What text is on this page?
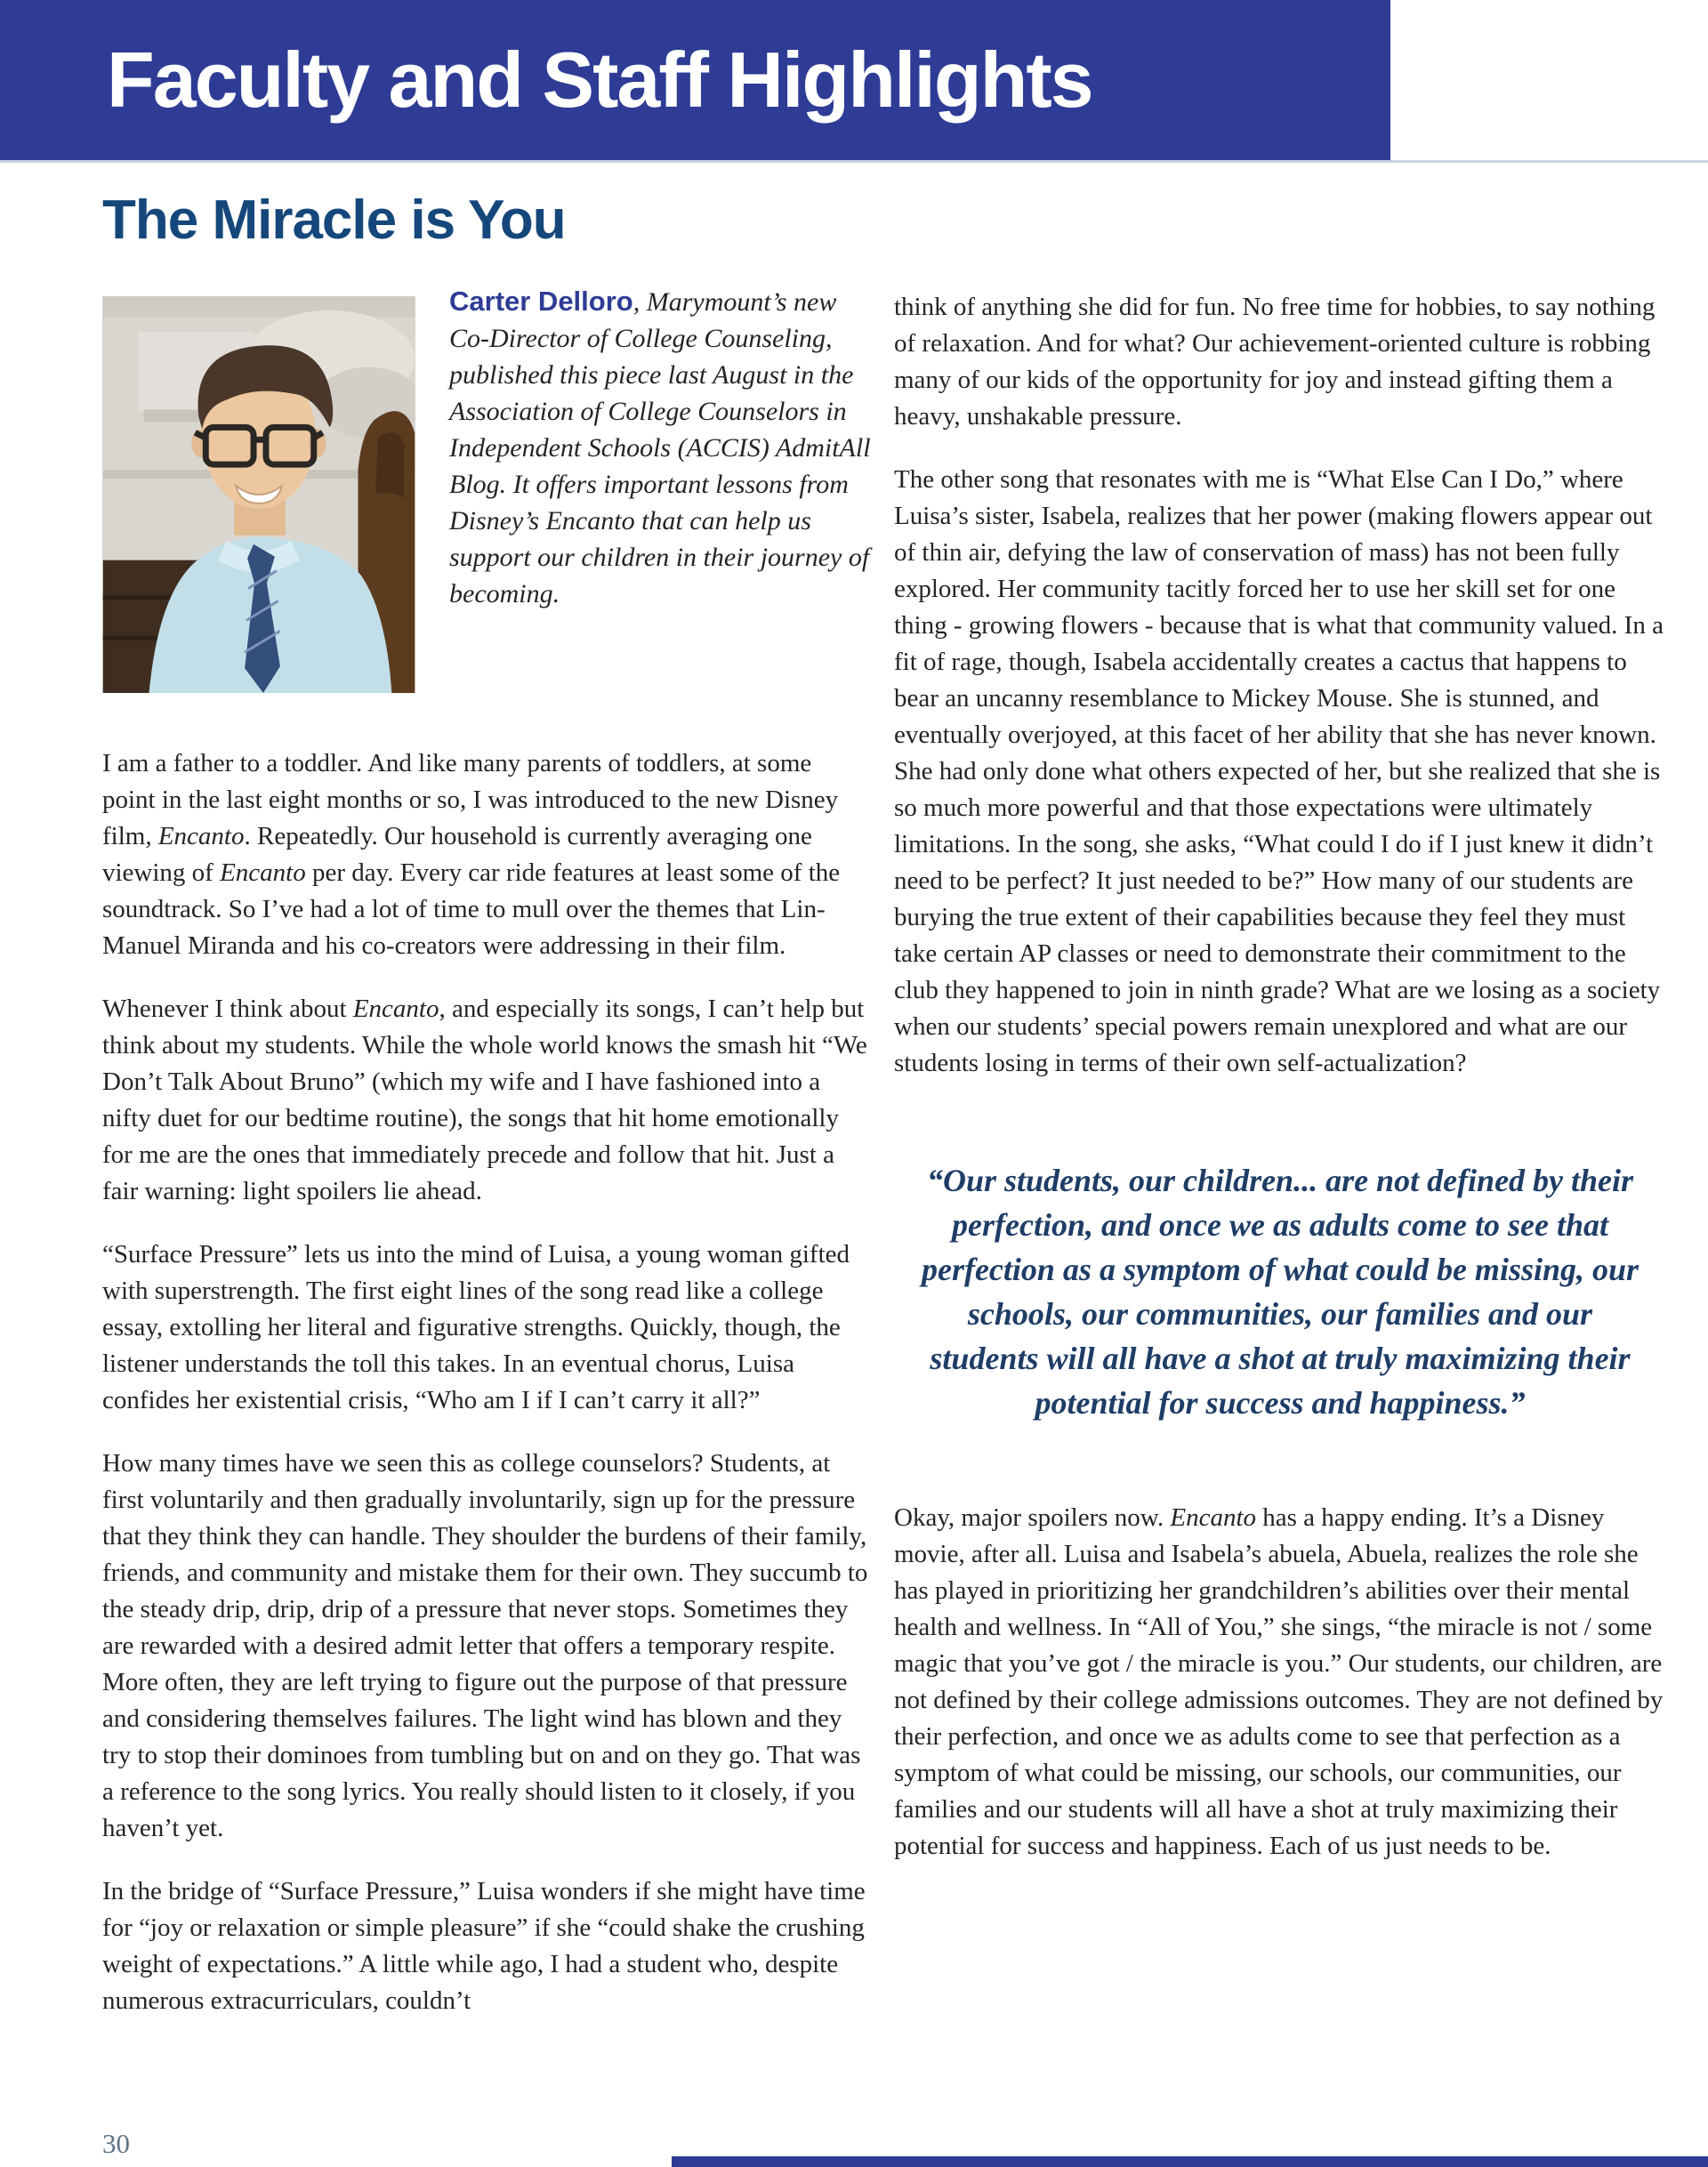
Faculty and Staff Highlights
The Miracle is You

Carter Delloro, Marymount’s new Co-Director of College Counseling, published this piece last August in the Association of College Counselors in Independent Schools (ACCIS) AdmitAll Blog. It offers important lessons from Disney’s Encanto that can help us support our children in their journey of becoming.

I am a father to a toddler. And like many parents of toddlers, at some point in the last eight months or so, I was introduced to the new Disney film, Encanto. Repeatedly. Our household is currently averaging one viewing of Encanto per day. Every car ride features at least some of the soundtrack. So I’ve had a lot of time to mull over the themes that Lin-Manuel Miranda and his co-creators were addressing in their film.

Whenever I think about Encanto, and especially its songs, I can’t help but think about my students. While the whole world knows the smash hit “We Don’t Talk About Bruno” (which my wife and I have fashioned into a nifty duet for our bedtime routine), the songs that hit home emotionally for me are the ones that immediately precede and follow that hit. Just a fair warning: light spoilers lie ahead.

“Surface Pressure” lets us into the mind of Luisa, a young woman gifted with superstrength. The first eight lines of the song read like a college essay, extolling her literal and figurative strengths. Quickly, though, the listener understands the toll this takes. In an eventual chorus, Luisa confides her existential crisis, “Who am I if I can’t carry it all?”

How many times have we seen this as college counselors? Students, at first voluntarily and then gradually involuntarily, sign up for the pressure that they think they can handle. They shoulder the burdens of their family, friends, and community and mistake them for their own. They succumb to the steady drip, drip, drip of a pressure that never stops. Sometimes they are rewarded with a desired admit letter that offers a temporary respite. More often, they are left trying to figure out the purpose of that pressure and considering themselves failures. The light wind has blown and they try to stop their dominoes from tumbling but on and on they go. That was a reference to the song lyrics. You really should listen to it closely, if you haven’t yet.

In the bridge of “Surface Pressure,” Luisa wonders if she might have time for “joy or relaxation or simple pleasure” if she “could shake the crushing weight of expectations.” A little while ago, I had a student who, despite numerous extracurriculars, couldn’t

think of anything she did for fun. No free time for hobbies, to say nothing of relaxation. And for what? Our achievement-oriented culture is robbing many of our kids of the opportunity for joy and instead gifting them a heavy, unshakable pressure.

The other song that resonates with me is “What Else Can I Do,” where Luisa’s sister, Isabela, realizes that her power (making flowers appear out of thin air, defying the law of conservation of mass) has not been fully explored. Her community tacitly forced her to use her skill set for one thing - growing flowers - because that is what that community valued. In a fit of rage, though, Isabela accidentally creates a cactus that happens to bear an uncanny resemblance to Mickey Mouse. She is stunned, and eventually overjoyed, at this facet of her ability that she has never known. She had only done what others expected of her, but she realized that she is so much more powerful and that those expectations were ultimately limitations. In the song, she asks, “What could I do if I just knew it didn’t need to be perfect? It just needed to be?” How many of our students are burying the true extent of their capabilities because they feel they must take certain AP classes or need to demonstrate their commitment to the club they happened to join in ninth grade? What are we losing as a society when our students’ special powers remain unexplored and what are our students losing in terms of their own self-actualization?

“Our students, our children... are not defined by their perfection, and once we as adults come to see that perfection as a symptom of what could be missing, our schools, our communities, our families and our students will all have a shot at truly maximizing their potential for success and happiness.”

Okay, major spoilers now. Encanto has a happy ending. It’s a Disney movie, after all. Luisa and Isabela’s abuela, Abuela, realizes the role she has played in prioritizing her grandchildren’s abilities over their mental health and wellness. In “All of You,” she sings, “the miracle is not / some magic that you’ve got / the miracle is you.” Our students, our children, are not defined by their college admissions outcomes. They are not defined by their perfection, and once we as adults come to see that perfection as a symptom of what could be missing, our schools, our communities, our families and our students will all have a shot at truly maximizing their potential for success and happiness. Each of us just needs to be.

30
